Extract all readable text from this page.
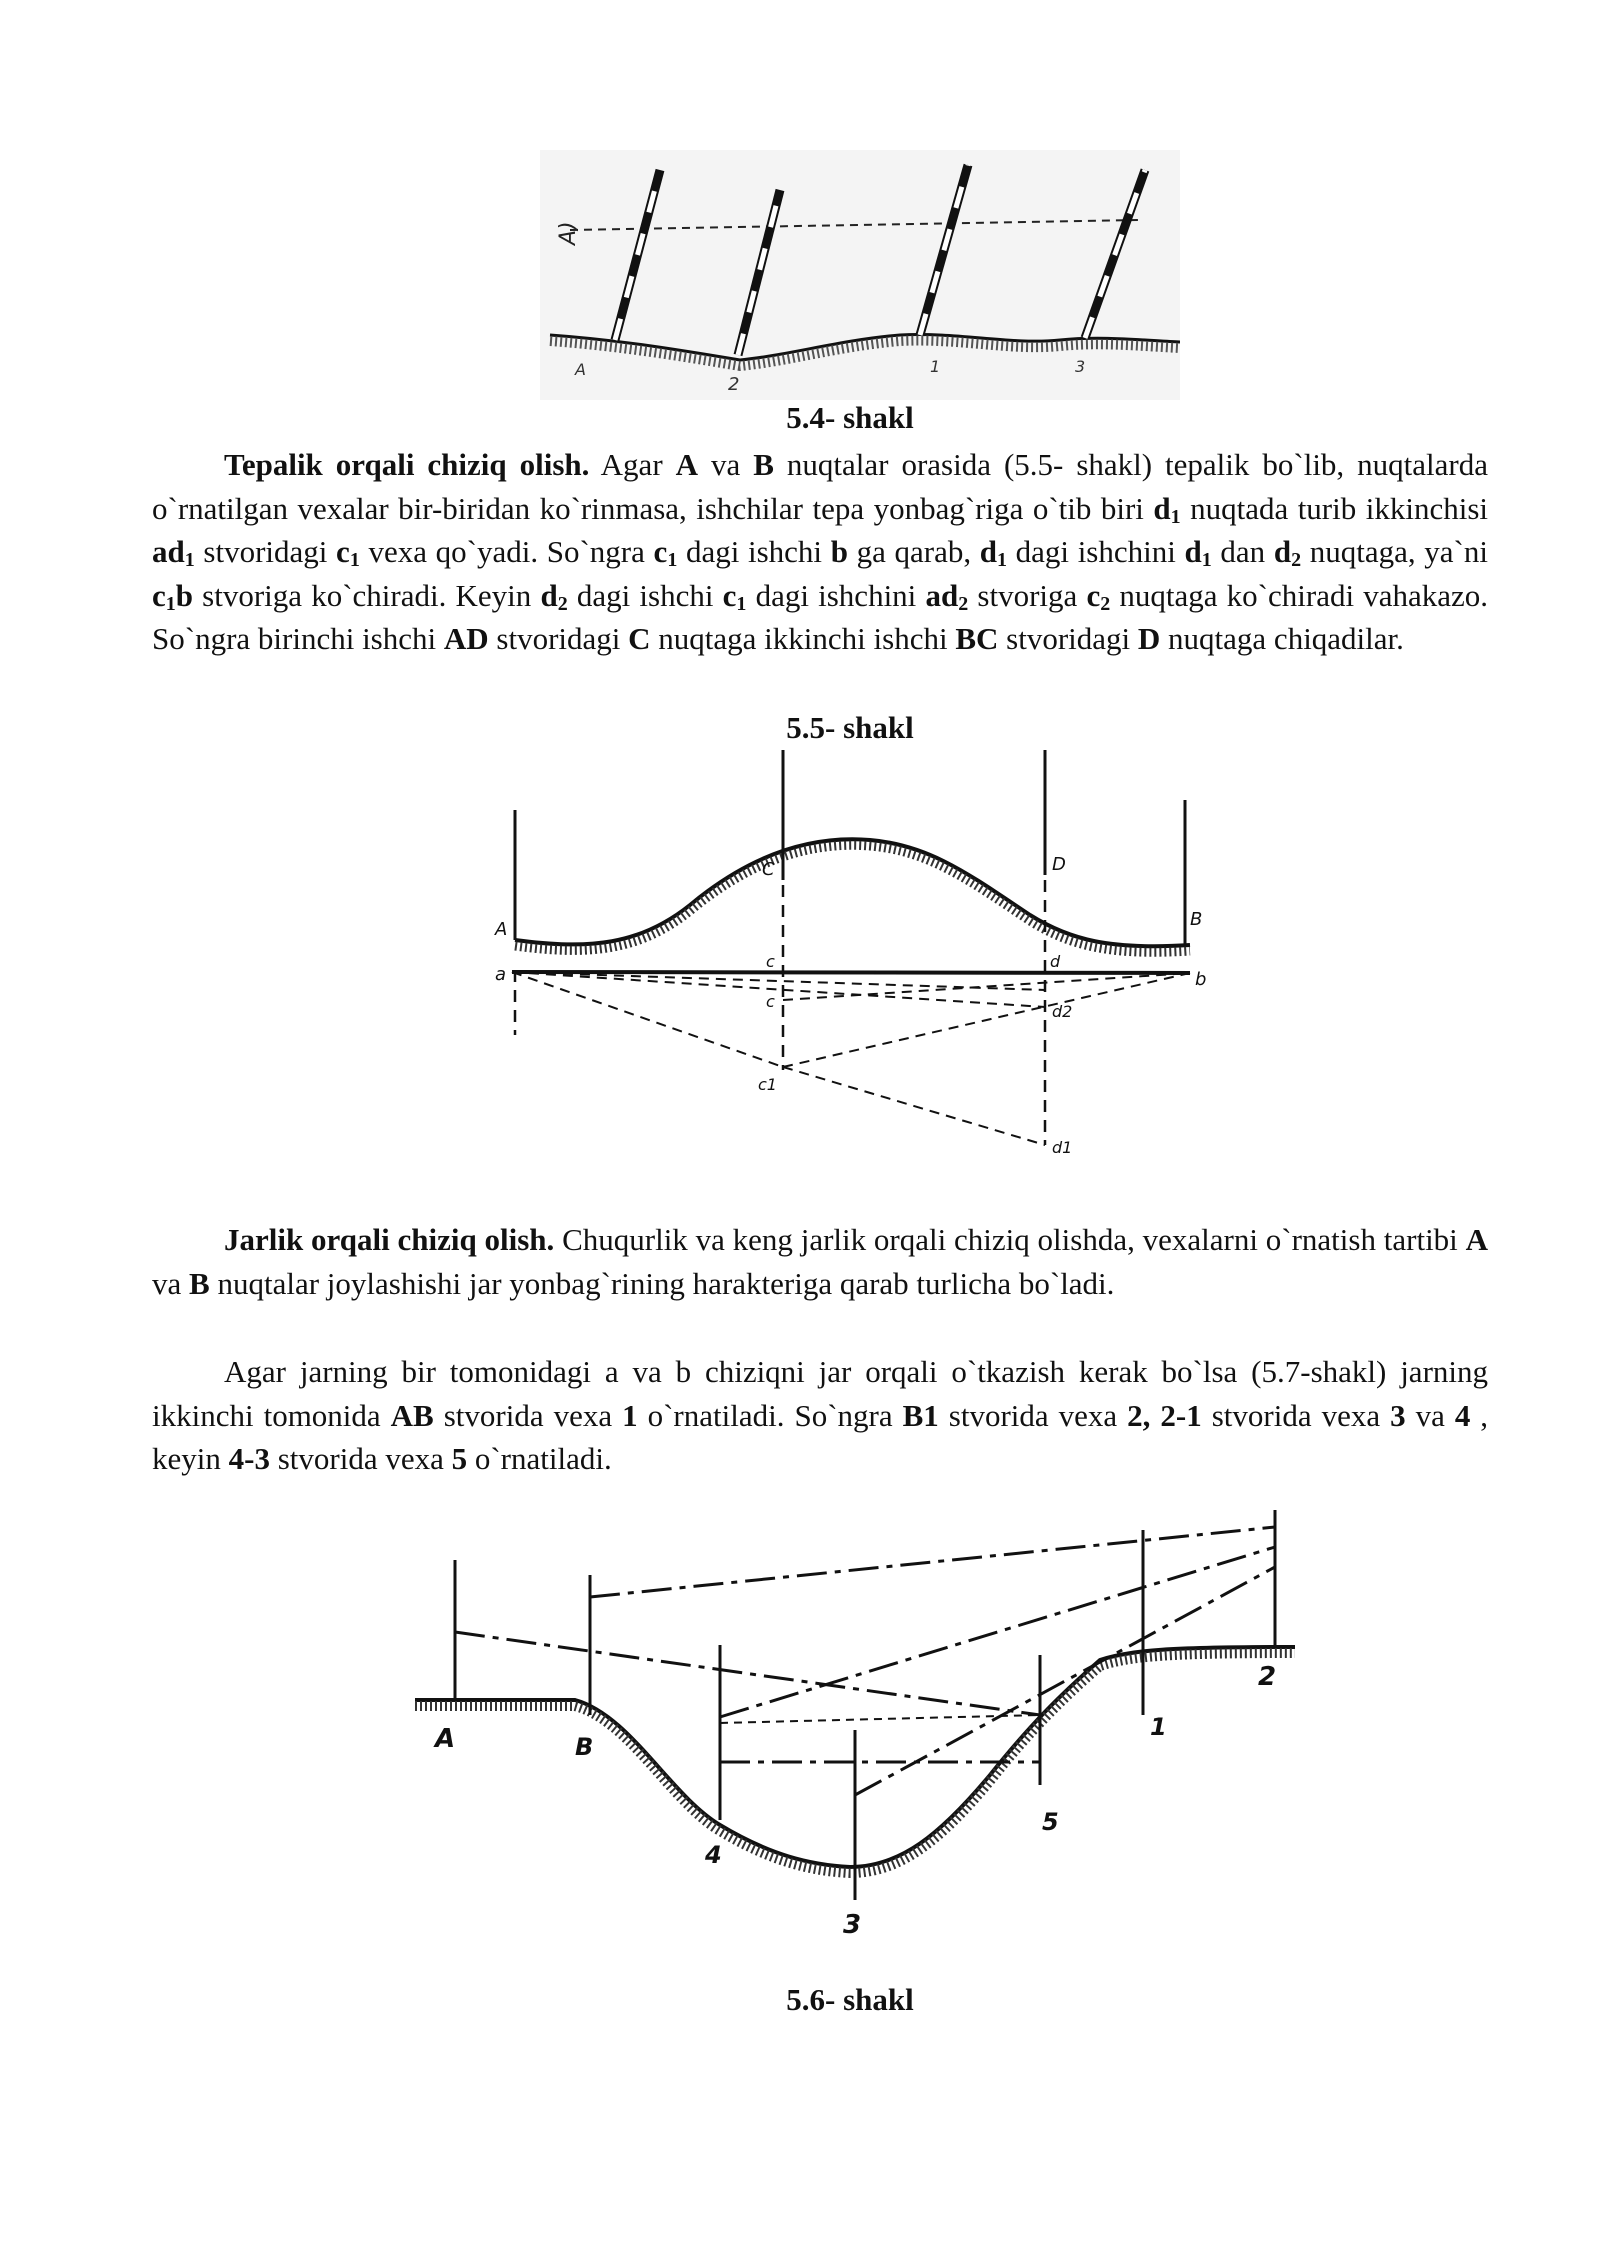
A)
A
2
1	3
5.4- shakl

Tepalik orqali chiziq olish. Agar A va B nuqtalar orasida (5.5- shakl) tepalik bo`lib, nuqtalarda o`rnatilgan vexalar bir-biridan ko`rinmasa, ishchilar tepa yonbag`riga o`tib biri $d_1$ nuqtada turib ikkinchisi $ad_1$ stvoridagi $c_1$ vexa qo`yadi. So`ngra $c_1$ dagi ishchi b ga qarab, $d_1$ dagi ishchini $d_1$ dan $d_2$ nuqtaga, ya`ni $c_1b$ stvoriga ko`chiradi. Keyin $d_2$ dagi ishchi $c_1$ dagi ishchini $ad_2$ stvoriga $c_2$ nuqtaga ko`chiradi vahakazo. So`ngra birinchi ishchi AD stvoridagi C nuqtaga ikkinchi ishchi BC stvoridagi D nuqtaga chiqadilar.

5.5- shakl
A	B
C	D
a	b
c
c
c1
d
d2
d1

Jarlik orqali chiziq olish. Chuqurlik va keng jarlik orqali chiziq olishda, vexalarni o`rnatish tartibi A va B nuqtalar joylashishi jar yonbag`rining harakteriga qarab turlicha bo`ladi.

Agar jarning bir tomonidagi a va b chiziqni jar orqali o`tkazish kerak bo`lsa (5.7-shakl) jarning ikkinchi tomonida AB stvorida vexa 1 o`rnatiladi. So`ngra B1 stvorida vexa 2, 2-1 stvorida vexa 3 va 4 , keyin 4-3 stvorida vexa 5 o`rnatiladi.

A	B
4
3
5
1
2
5.6- shakl
